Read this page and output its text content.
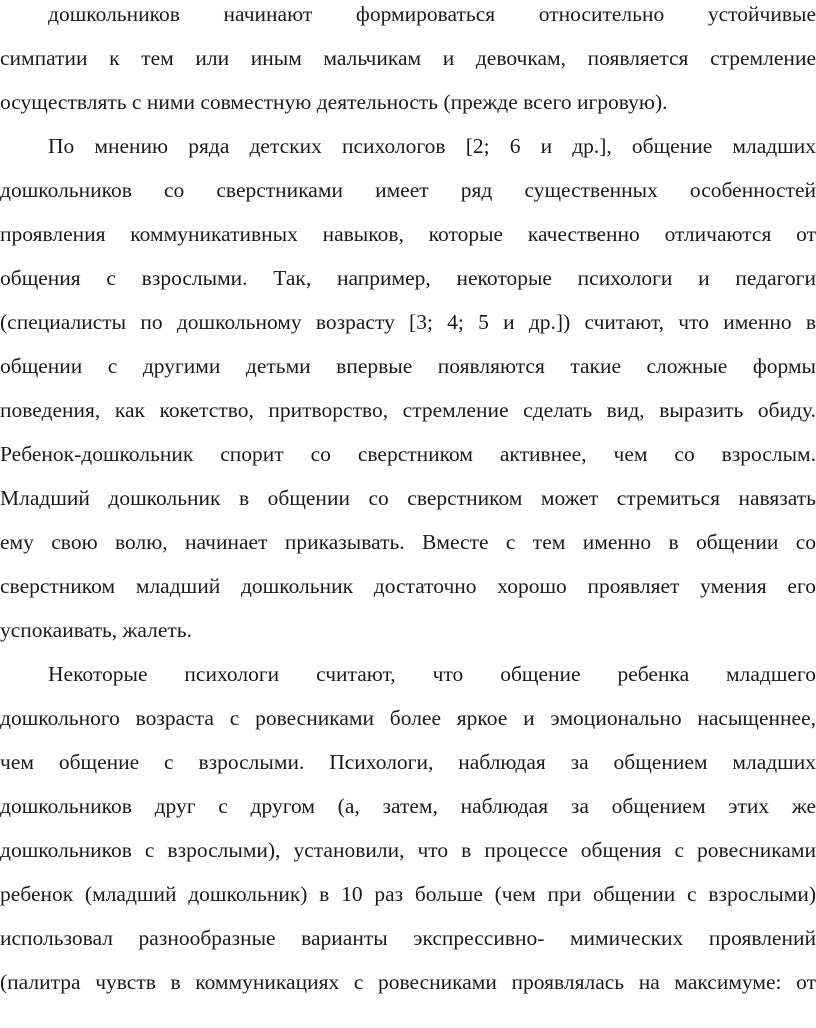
дошкольников начинают формироваться относительно устойчивые
симпатии к тем или иным мальчикам и девочкам, появляется стремление
осуществлять с ними совместную деятельность (прежде всего игровую).
По мнению ряда детских психологов [2; 6 и др.], общение младших
дошкольников со сверстниками имеет ряд существенных особенностей
проявления коммуникативных навыков, которые качественно отличаются от
общения с взрослыми. Так, например, некоторые психологи и педагоги
(специалисты по дошкольному возрасту [3; 4; 5 и др.]) считают, что именно в
общении с другими детьми впервые появляются такие сложные формы
поведения, как кокетство, притворство, стремление сделать вид, выразить обиду.
Ребенок-дошкольник спорит со сверстником активнее, чем со взрослым.
Младший дошкольник в общении со сверстником может стремиться навязать
ему свою волю, начинает приказывать. Вместе с тем именно в общении со
сверстником младший дошкольник достаточно хорошо проявляет умения его
успокаивать, жалеть.
Некоторые психологи считают, что общение ребенка младшего
дошкольного возраста с ровесниками более яркое и эмоционально насыщеннее,
чем общение с взрослыми. Психологи, наблюдая за общением младших
дошкольников друг с другом (а, затем, наблюдая за общением этих же
дошкольников с взрослыми), установили, что в процессе общения с ровесниками
ребенок (младший дошкольник) в 10 раз больше (чем при общении с взрослыми)
использовал разнообразные варианты экспрессивно- мимических проявлений
(палитра чувств в коммуникациях с ровесниками проявлялась на максимуме: от
